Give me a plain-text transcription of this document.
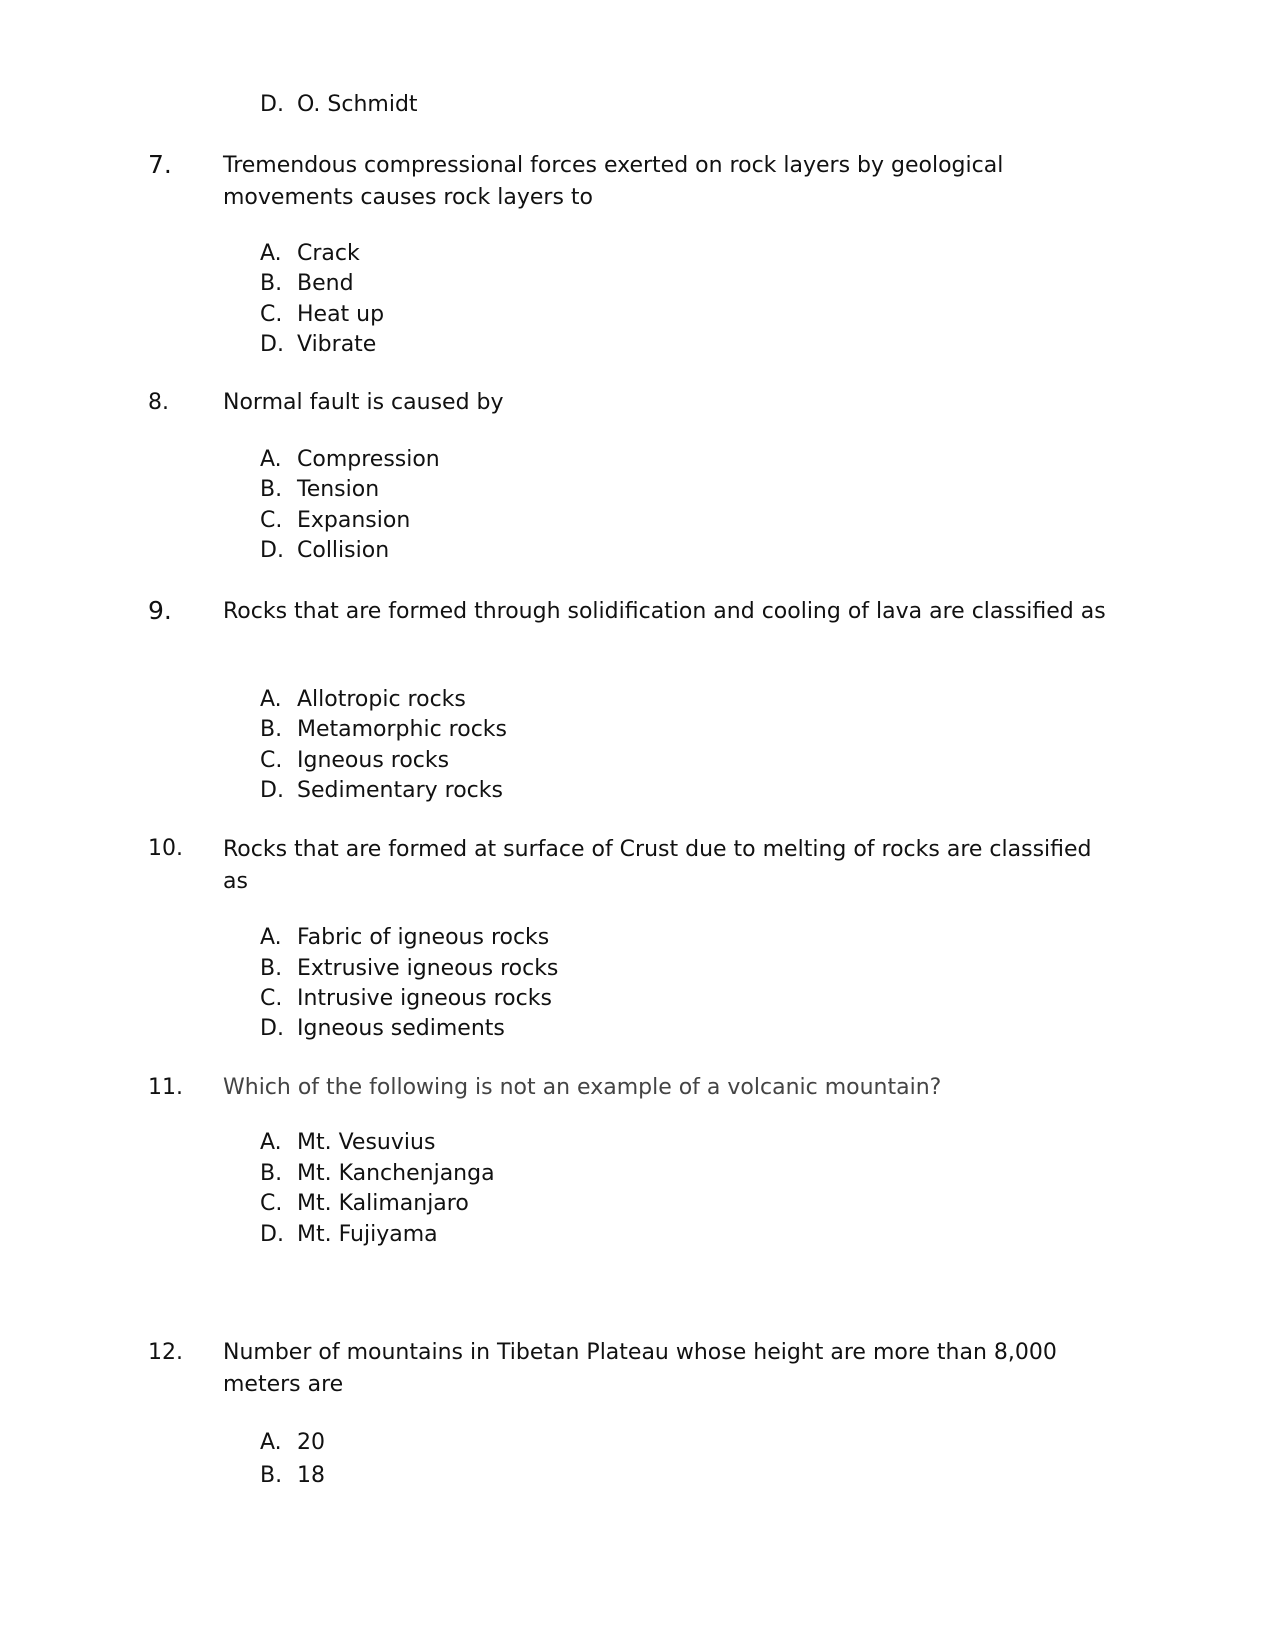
D. O. Schmidt
7. Tremendous compressional forces exerted on rock layers by geological movements causes rock layers to
A. Crack
B. Bend
C. Heat up
D. Vibrate
8. Normal fault is caused by
A. Compression
B. Tension
C. Expansion
D. Collision
9. Rocks that are formed through solidification and cooling of lava are classified as
A. Allotropic rocks
B. Metamorphic rocks
C. Igneous rocks
D. Sedimentary rocks
10. Rocks that are formed at surface of Crust due to melting of rocks are classified as
A. Fabric of igneous rocks
B. Extrusive igneous rocks
C. Intrusive igneous rocks
D. Igneous sediments
11. Which of the following is not an example of a volcanic mountain?
A. Mt. Vesuvius
B. Mt. Kanchenjanga
C. Mt. Kalimanjaro
D. Mt. Fujiyama
12. Number of mountains in Tibetan Plateau whose height are more than 8,000 meters are
A. 20
B. 18
